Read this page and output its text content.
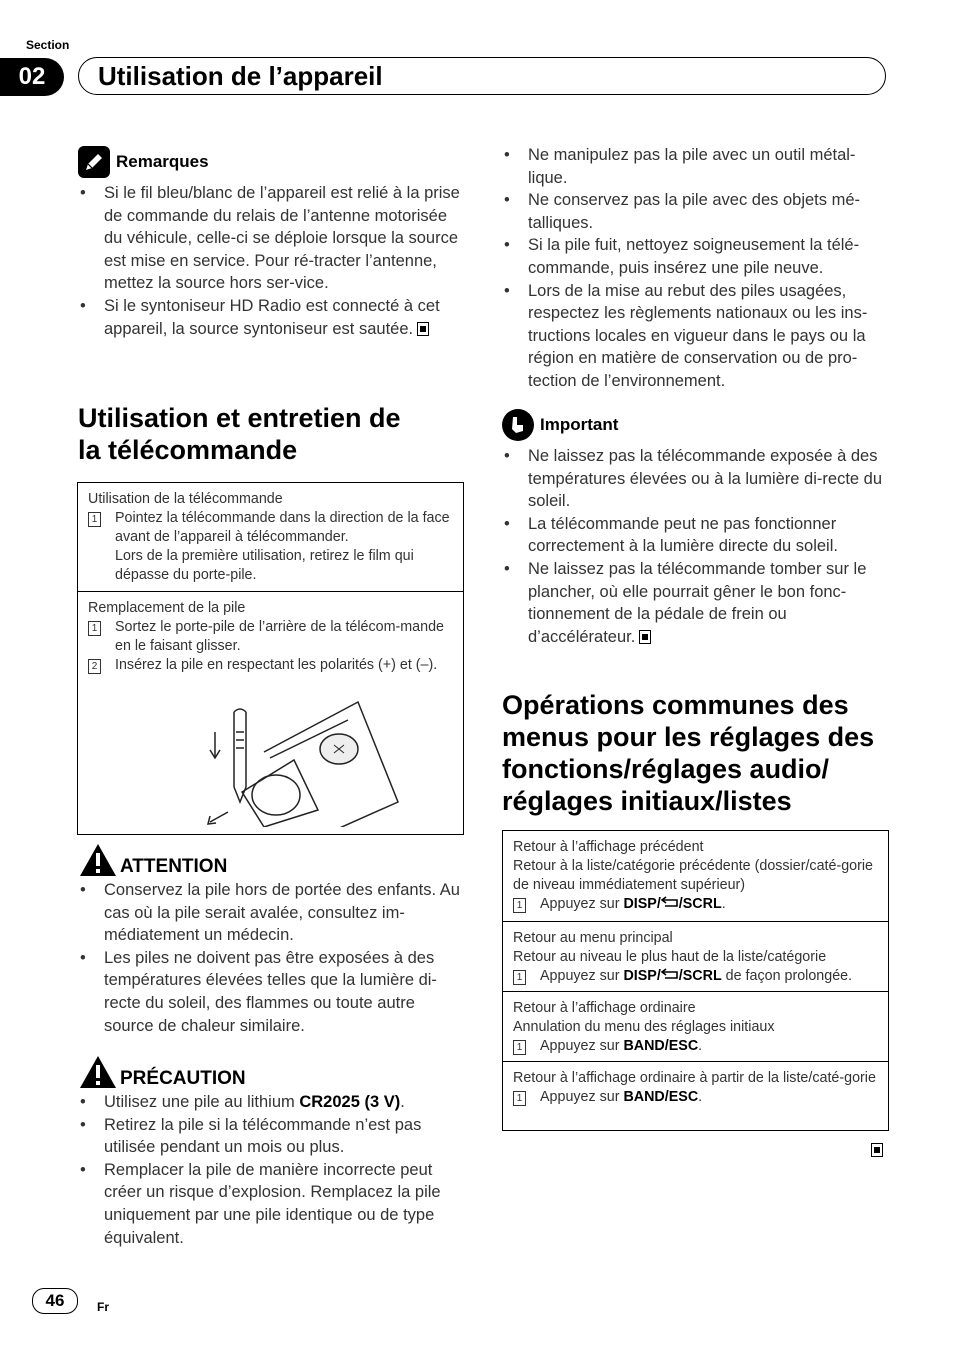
Section
02	Utilisation de l’appareil
Remarques
• Si le fil bleu/blanc de l’appareil est relié à la prise de commande du relais de l’antenne motorisée du véhicule, celle-ci se déploie lorsque la source est mise en service. Pour ré-tracter l’antenne, mettez la source hors ser-vice.
• Si le syntoniseur HD Radio est connecté à cet appareil, la source syntoniseur est sautée.
Utilisation et entretien de
la télécommande
Utilisation de la télécommande
1 Pointez la télécommande dans la direction de la face avant de l’appareil à télécommander.
Lors de la première utilisation, retirez le film qui dépasse du porte-pile.
Remplacement de la pile
1 Sortez le porte-pile de l’arrière de la télécom-mande en le faisant glisser.
2 Insérez la pile en respectant les polarités (+) et (–).
ATTENTION
• Conservez la pile hors de portée des enfants. Au cas où la pile serait avalée, consultez im-médiatement un médecin.
• Les piles ne doivent pas être exposées à des températures élevées telles que la lumière di-recte du soleil, des flammes ou toute autre source de chaleur similaire.
PRÉCAUTION
• Utilisez une pile au lithium CR2025 (3 V).
• Retirez la pile si la télécommande n’est pas utilisée pendant un mois ou plus.
• Remplacer la pile de manière incorrecte peut créer un risque d’explosion. Remplacez la pile uniquement par une pile identique ou de type équivalent.
• Ne manipulez pas la pile avec un outil métal-lique.
• Ne conservez pas la pile avec des objets mé-talliques.
• Si la pile fuit, nettoyez soigneusement la télé-commande, puis insérez une pile neuve.
• Lors de la mise au rebut des piles usagées, respectez les règlements nationaux ou les ins-tructions locales en vigueur dans le pays ou la région en matière de conservation ou de pro-tection de l’environnement.
Important
• Ne laissez pas la télécommande exposée à des températures élevées ou à la lumière di-recte du soleil.
• La télécommande peut ne pas fonctionner correctement à la lumière directe du soleil.
• Ne laissez pas la télécommande tomber sur le plancher, où elle pourrait gêner le bon fonc-tionnement de la pédale de frein ou d’accélérateur.
Opérations communes des
menus pour les réglages des
fonctions/réglages audio/
réglages initiaux/listes
Retour à l’affichage précédent
Retour à la liste/catégorie précédente (dossier/caté-gorie de niveau immédiatement supérieur)
1 Appuyez sur DISP/ /SCRL.
Retour au menu principal
Retour au niveau le plus haut de la liste/catégorie
1 Appuyez sur DISP/ /SCRL de façon prolongée.
Retour à l’affichage ordinaire
Annulation du menu des réglages initiaux
1 Appuyez sur BAND/ESC.
Retour à l’affichage ordinaire à partir de la liste/caté-gorie
1 Appuyez sur BAND/ESC.
46	Fr
